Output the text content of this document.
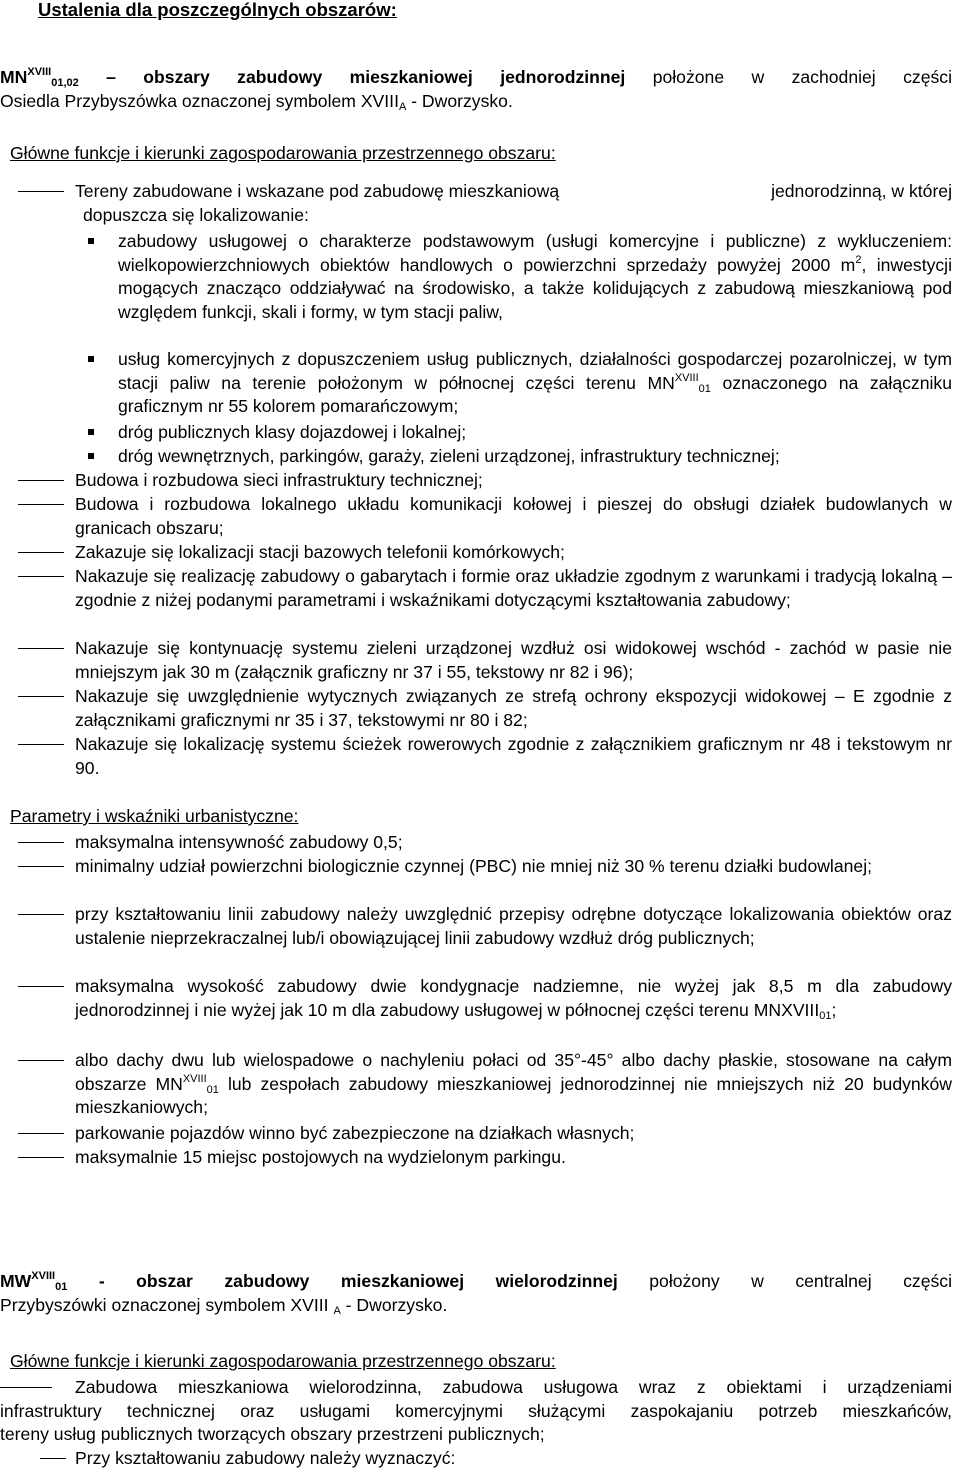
Ustalenia dla poszczególnych obszarów:
$MN^{XVIII}_{01,02}$ – obszary zabudowy mieszkaniowej jednorodzinnej położone w zachodniej części
Osiedla Przybyszówka oznaczonej symbolem $XVIII_A$ - Dworzysko.
Główne funkcje i kierunki zagospodarowania przestrzennego obszaru:
Tereny zabudowane i wskazane pod zabudowę mieszkaniową	jednorodzinną, w której
dopuszcza się lokalizowanie:
zabudowy usługowej o charakterze podstawowym (usługi komercyjne i publiczne) z wykluczeniem: wielkopowierzchniowych obiektów handlowych o powierzchni sprzedaży powyżej 2000 $m^2$, inwestycji mogących znacząco oddziaływać na środowisko, a także kolidujących z zabudową mieszkaniową pod względem funkcji, skali i formy, w tym stacji paliw,
usług komercyjnych z dopuszczeniem usług publicznych, działalności gospodarczej pozarolniczej, w tym stacji paliw na terenie położonym w północnej części terenu $MN^{XVIII}_{01}$ oznaczonego na załączniku graficznym nr 55 kolorem pomarańczowym;
dróg publicznych klasy dojazdowej i lokalnej;
dróg wewnętrznych, parkingów, garaży, zieleni urządzonej, infrastruktury technicznej;
Budowa i rozbudowa sieci infrastruktury technicznej;
Budowa i rozbudowa lokalnego układu komunikacji kołowej i pieszej do obsługi działek budowlanych w granicach obszaru;
Zakazuje się lokalizacji stacji bazowych telefonii komórkowych;
Nakazuje się realizację zabudowy o gabarytach i formie oraz układzie zgodnym z warunkami i tradycją lokalną – zgodnie z niżej podanymi parametrami i wskaźnikami dotyczącymi kształtowania zabudowy;
Nakazuje się kontynuację systemu zieleni urządzonej wzdłuż osi widokowej wschód - zachód w pasie nie mniejszym jak 30 m (załącznik graficzny nr 37 i 55, tekstowy nr 82 i 96);
Nakazuje się uwzględnienie wytycznych związanych ze strefą ochrony ekspozycji widokowej – E zgodnie z załącznikami graficznymi nr 35 i 37, tekstowymi nr 80 i 82;
Nakazuje się lokalizację systemu ścieżek rowerowych zgodnie z załącznikiem graficznym nr 48 i tekstowym nr 90.
Parametry i wskaźniki urbanistyczne:
maksymalna intensywność zabudowy 0,5;
minimalny udział powierzchni biologicznie czynnej (PBC) nie mniej niż 30 % terenu działki budowlanej;
przy kształtowaniu linii zabudowy należy uwzględnić przepisy odrębne dotyczące lokalizowania obiektów oraz ustalenie nieprzekraczalnej lub/i obowiązującej linii zabudowy wzdłuż dróg publicznych;
maksymalna wysokość zabudowy dwie kondygnacje nadziemne, nie wyżej jak 8,5 m dla zabudowy jednorodzinnej i nie wyżej jak 10 m dla zabudowy usługowej w północnej części terenu $MNXVIII_{01}$;
albo dachy dwu lub wielospadowe o nachyleniu połaci od 35°-45° albo dachy płaskie, stosowane na całym obszarze $MN^{XVIII}_{01}$ lub zespołach zabudowy mieszkaniowej jednorodzinnej nie mniejszych niż 20 budynków mieszkaniowych;
parkowanie pojazdów winno być zabezpieczone na działkach własnych;
maksymalnie 15 miejsc postojowych na wydzielonym parkingu.
$MW^{XVIII}_{01}$ - obszar zabudowy mieszkaniowej wielorodzinnej położony w centralnej części
Przybyszówki oznaczonej symbolem XVIII $_A$ - Dworzysko.
Główne funkcje i kierunki zagospodarowania przestrzennego obszaru:
Zabudowa mieszkaniowa wielorodzinna, zabudowa usługowa wraz z obiektami i urządzeniami
infrastruktury technicznej oraz usługami komercyjnymi służącymi zaspokajaniu potrzeb mieszkańców,
tereny usług publicznych tworzących obszary przestrzeni publicznych;
Przy kształtowaniu zabudowy należy wyznaczyć:
